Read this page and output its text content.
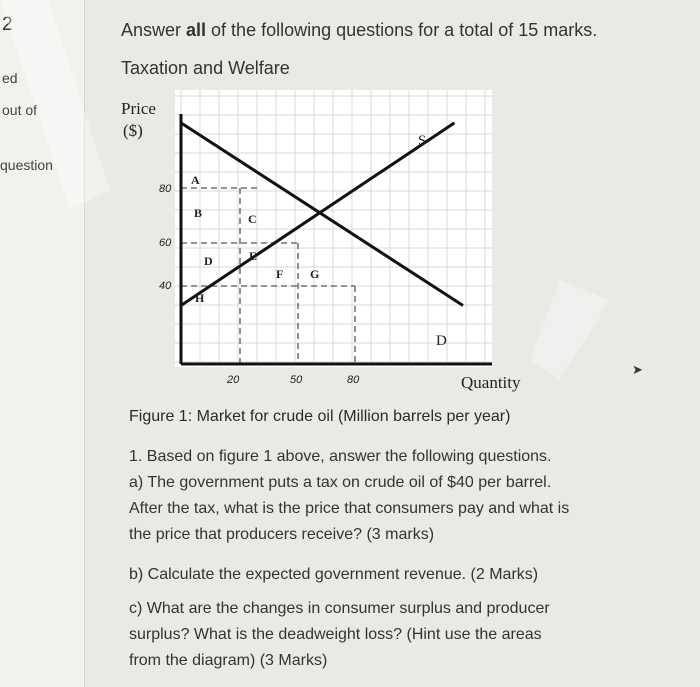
2
ed
out of
question
Answer all of the following questions for a total of 15 marks.
Taxation and Welfare
Price
($)
Quantity
80
60
40
20	50	80
S
D
A
B	C
D	E
F G
H
Figure 1: Market for crude oil (Million barrels per year)
1. Based on figure 1 above, answer the following questions.
a) The government puts a tax on crude oil of $40 per barrel.
After the tax, what is the price that consumers pay and what is
the price that producers receive? (3 marks)
b) Calculate the expected government revenue. (2 Marks)
c) What are the changes in consumer surplus and producer
surplus? What is the deadweight loss? (Hint use the areas
from the diagram) (3 Marks)
➤
